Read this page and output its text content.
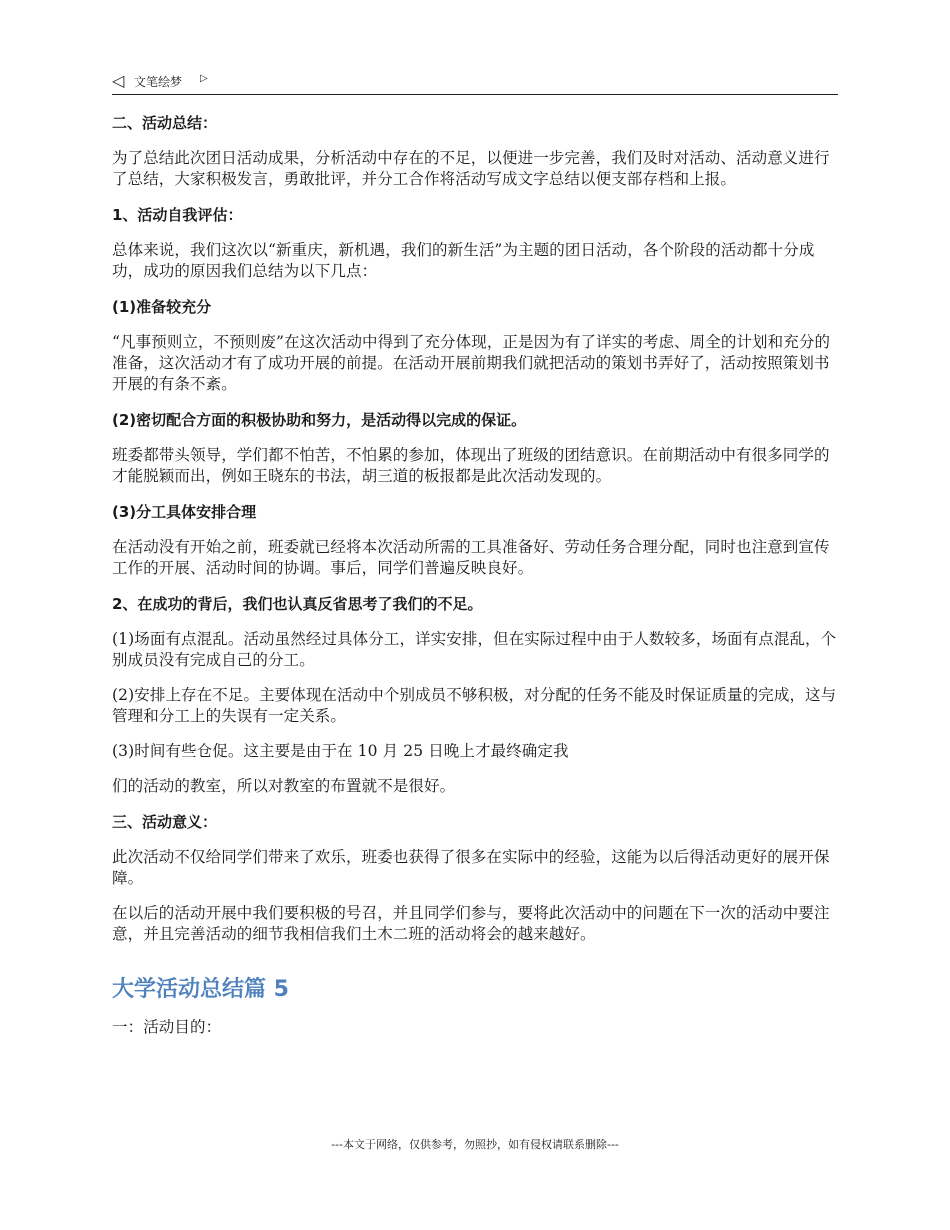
◁ 文笔绘梦 ▷
二、活动总结：

为了总结此次团日活动成果，分析活动中存在的不足，以便进一步完善，我们及时对活动、活动意义进行了总结，大家积极发言，勇敢批评，并分工合作将活动写成文字总结以便支部存档和上报。

1、活动自我评估：

总体来说，我们这次以“新重庆，新机遇，我们的新生活”为主题的团日活动，各个阶段的活动都十分成功，成功的原因我们总结为以下几点：

(1)准备较充分

“凡事预则立，不预则废”在这次活动中得到了充分体现，正是因为有了详实的考虑、周全的计划和充分的准备，这次活动才有了成功开展的前提。在活动开展前期我们就把活动的策划书弄好了，活动按照策划书开展的有条不紊。

(2)密切配合方面的积极协助和努力，是活动得以完成的保证。

班委都带头领导，学们都不怕苦，不怕累的参加，体现出了班级的团结意识。在前期活动中有很多同学的才能脱颖而出，例如王晓东的书法，胡三道的板报都是此次活动发现的。

(3)分工具体安排合理

在活动没有开始之前，班委就已经将本次活动所需的工具准备好、劳动任务合理分配，同时也注意到宣传工作的开展、活动时间的协调。事后，同学们普遍反映良好。

2、在成功的背后，我们也认真反省思考了我们的不足。

(1)场面有点混乱。活动虽然经过具体分工，详实安排，但在实际过程中由于人数较多，场面有点混乱，个别成员没有完成自己的分工。

(2)安排上存在不足。主要体现在活动中个别成员不够积极，对分配的任务不能及时保证质量的完成，这与管理和分工上的失误有一定关系。

(3)时间有些仓促。这主要是由于在 10 月 25 日晚上才最终确定我

们的活动的教室，所以对教室的布置就不是很好。

三、活动意义：

此次活动不仅给同学们带来了欢乐，班委也获得了很多在实际中的经验，这能为以后得活动更好的展开保障。

在以后的活动开展中我们要积极的号召，并且同学们参与，要将此次活动中的问题在下一次的活动中要注意，并且完善活动的细节我相信我们土木二班的活动将会的越来越好。

大学活动总结篇 5

一：活动目的：

---本文于网络，仅供参考，勿照抄，如有侵权请联系删除---
